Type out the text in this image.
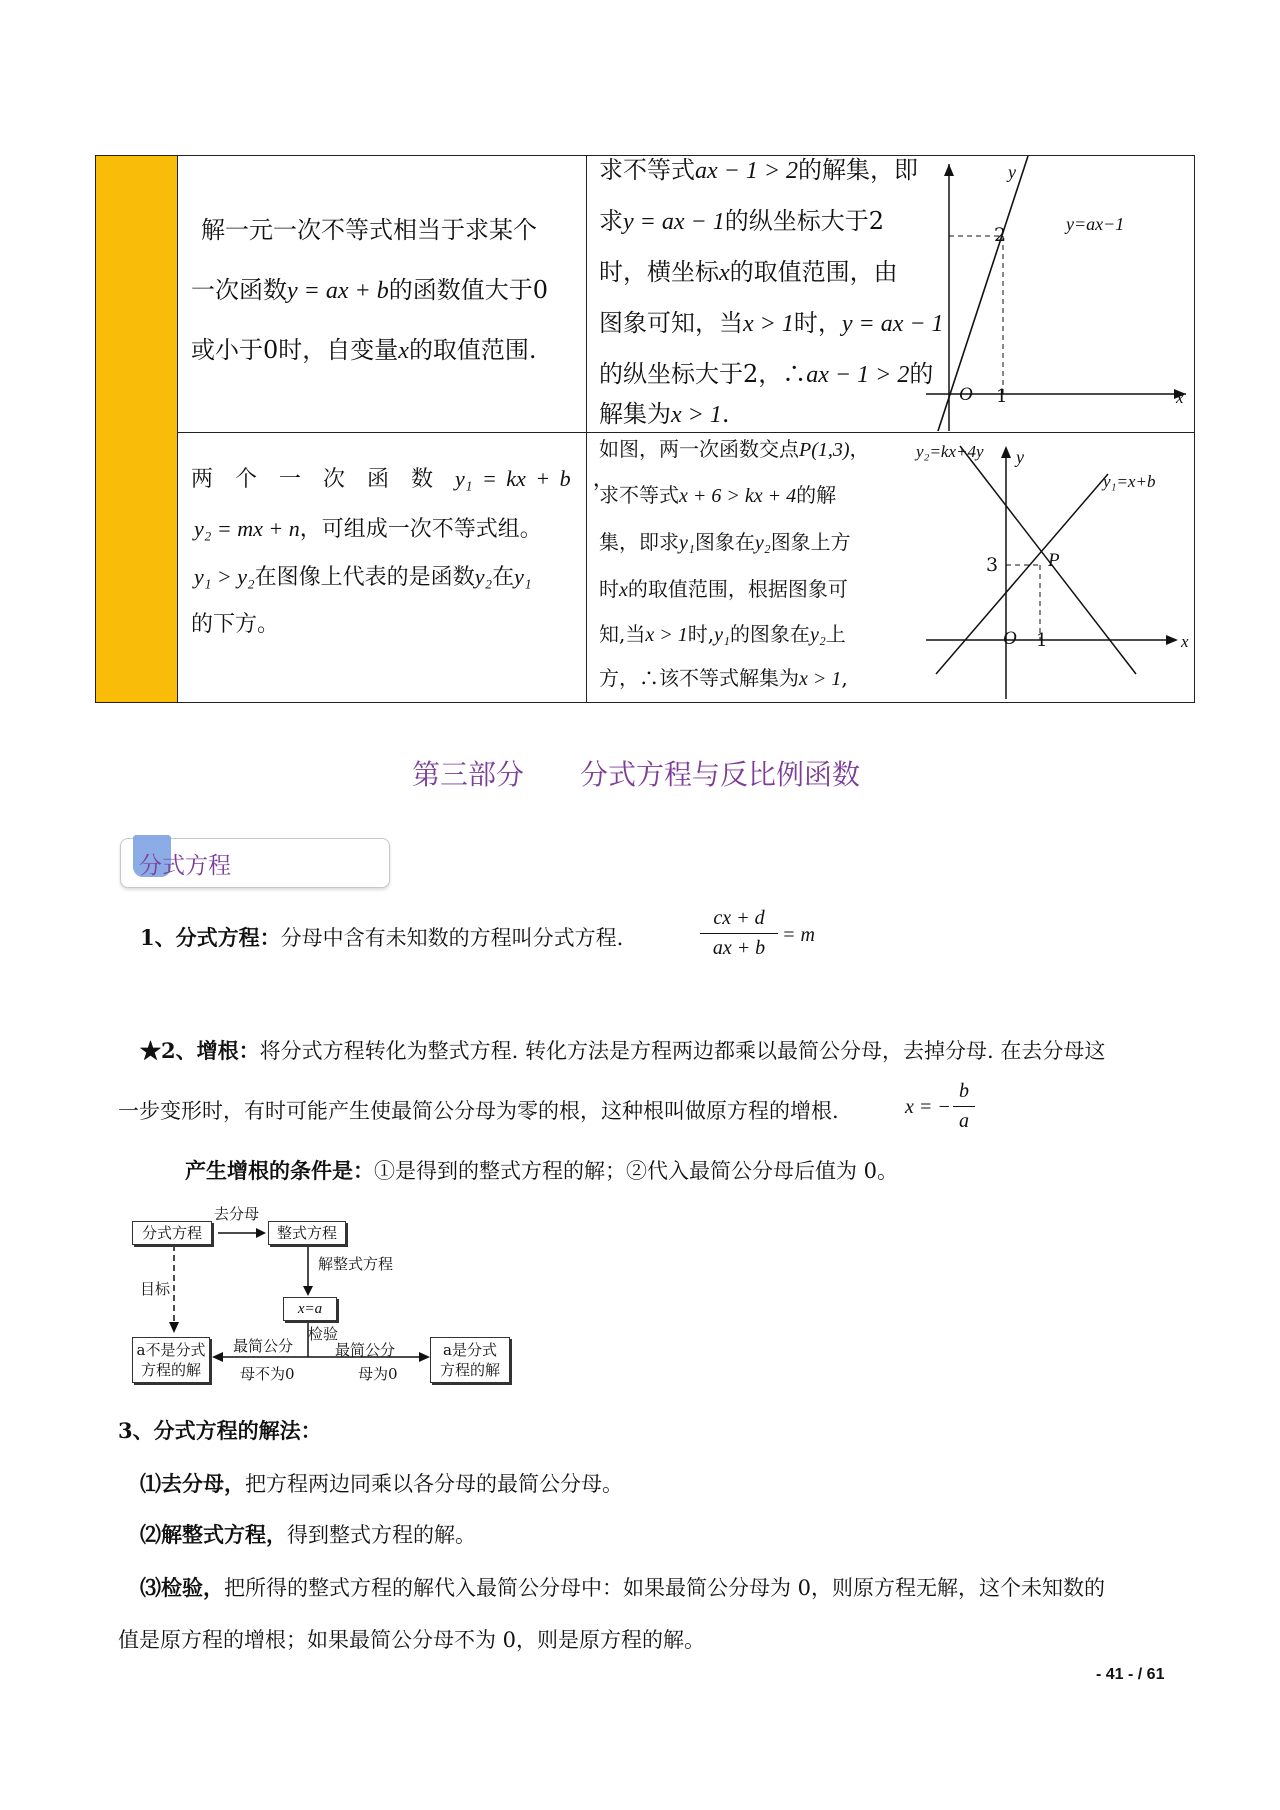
解一元一次不等式相当于求某个
一次函数y = ax + b的函数值大于0
或小于0时，自变量x的取值范围.
求不等式ax − 1 > 2的解集，即
求y = ax − 1的纵坐标大于2
时，横坐标x的取值范围，由
图象可知，当x > 1时，y = ax − 1
的纵坐标大于2，∴ax − 1 > 2的
解集为x > 1.
y
x
O
2
1
y=ax−1
两　个　一　次　函　数　 y₁ = kx + b　 ，
y₂ = mx + n，可组成一次不等式组。
y₁ > y₂在图像上代表的是函数y₂在y₁
的下方。
如图，两一次函数交点P(1,3)，
求不等式x + 6 > kx + 4的解
集，即求y₁图象在y₂图象上方
时x的取值范围，根据图象可
知,当x > 1时,y₁的图象在y₂上
方，∴该不等式解集为x > 1,
y
x
O
3
1
P
y₂=kx+4y
y₁=x+b
第三部分　　分式方程与反比例函数
分式方程
1、分式方程：分母中含有未知数的方程叫分式方程.
cx + d
ax + b
= m
★2、增根：将分式方程转化为整式方程. 转化方法是方程两边都乘以最简公分母，去掉分母. 在去分母这
一步变形时，有时可能产生使最简公分母为零的根，这种根叫做原方程的增根.	x = −
b
a
产生增根的条件是：①是得到的整式方程的解；②代入最简公分母后值为 0。
分式方程
去分母
整式方程
解整式方程
目标
x=a
检验
最简公分
母不为0
最简公分
母为0
a不是分式
方程的解
a是分式
方程的解
3、分式方程的解法：
⑴去分母，把方程两边同乘以各分母的最简公分母。
⑵解整式方程，得到整式方程的解。
⑶检验，把所得的整式方程的解代入最简公分母中：如果最简公分母为 0，则原方程无解，这个未知数的
值是原方程的增根；如果最简公分母不为 0，则是原方程的解。
- 41 - / 61
